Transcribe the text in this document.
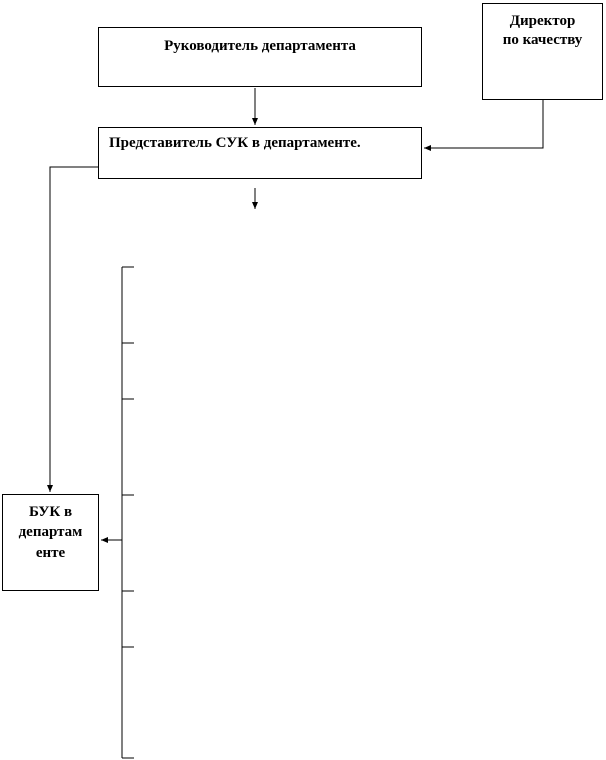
Руководитель департамента
Представитель СУК в департаменте.
Директор
по качеству
БУК в
департам
енте
